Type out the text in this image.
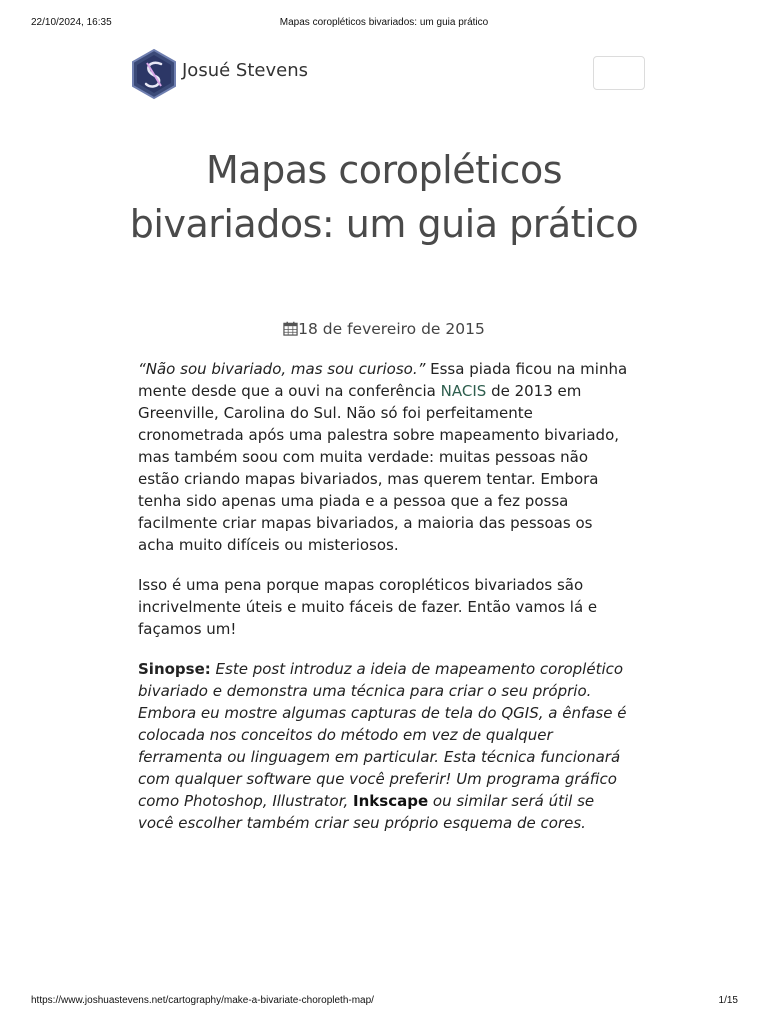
22/10/2024, 16:35	Mapas coropléticos bivariados: um guia prático
Josué Stevens
Mapas coropléticos bivariados: um guia prático
18 de fevereiro de 2015

“Não sou bivariado, mas sou curioso.” Essa piada ficou na minha mente desde que a ouvi na conferência NACIS de 2013 em Greenville, Carolina do Sul. Não só foi perfeitamente cronometrada após uma palestra sobre mapeamento bivariado, mas também soou com muita verdade: muitas pessoas não estão criando mapas bivariados, mas querem tentar. Embora tenha sido apenas uma piada e a pessoa que a fez possa facilmente criar mapas bivariados, a maioria das pessoas os acha muito difíceis ou misteriosos.

Isso é uma pena porque mapas coropléticos bivariados são incrivelmente úteis e muito fáceis de fazer. Então vamos lá e façamos um!

Sinopse: Este post introduz a ideia de mapeamento coroplético bivariado e demonstra uma técnica para criar o seu próprio. Embora eu mostre algumas capturas de tela do QGIS, a ênfase é colocada nos conceitos do método em vez de qualquer ferramenta ou linguagem em particular. Esta técnica funcionará com qualquer software que você preferir! Um programa gráfico como Photoshop, Illustrator, Inkscape ou similar será útil se você escolher também criar seu próprio esquema de cores.

https://www.joshuastevens.net/cartography/make-a-bivariate-choropleth-map/	1/15
